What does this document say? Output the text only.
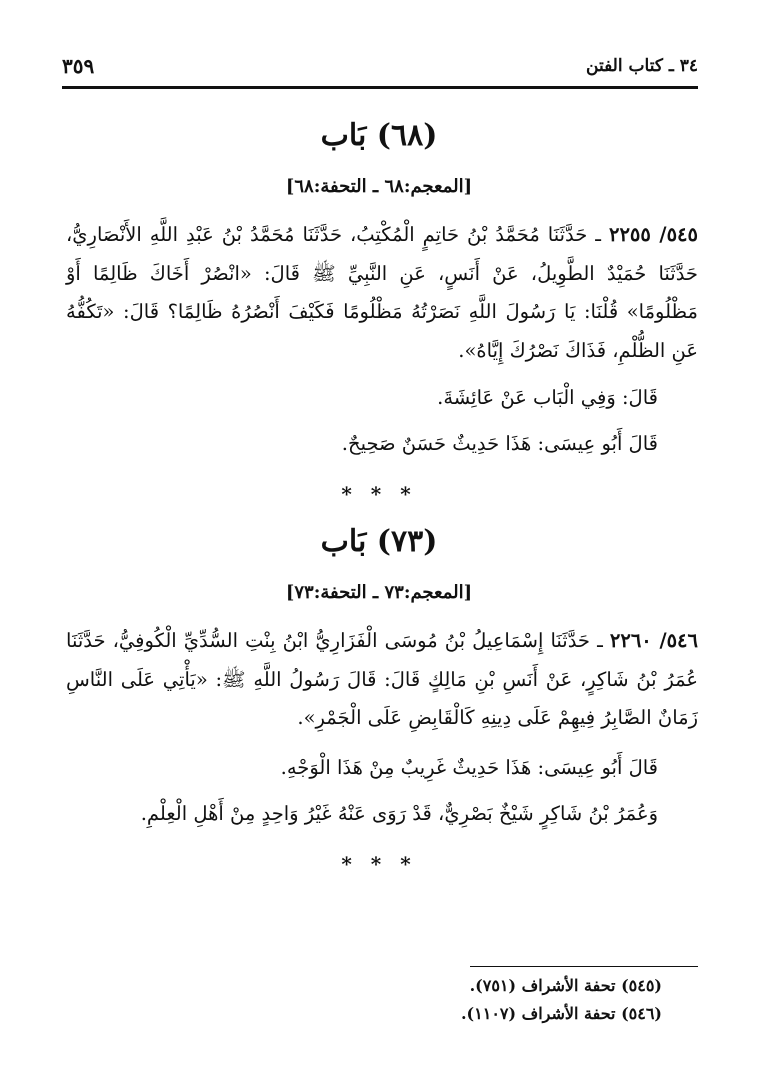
٣٤ ـ كتاب الفتن
٣٥٩
(٦٨) بَاب
[المعجم:٦٨ ـ التحفة:٦٨]
٥٤٥/ ٢٢٥٥ ـ حَدَّثَنَا مُحَمَّدُ بْنُ حَاتِمٍ الْمُكْتِبُ، حَدَّثَنَا مُحَمَّدُ بْنُ عَبْدِ اللَّهِ الأَنْصَارِيُّ، حَدَّثَنَا حُمَيْدٌ الطَّوِيلُ، عَنْ أَنَسٍ، عَنِ النَّبِيِّ ﷺ قَالَ: «انْصُرْ أَخَاكَ ظَالِمًا أَوْ مَظْلُومًا» قُلْنَا: يَا رَسُولَ اللَّهِ نَصَرْتُهُ مَظْلُومًا فَكَيْفَ أَنْصُرُهُ ظَالِمًا؟ قَالَ: «تَكُفُّهُ عَنِ الظُّلْمِ، فَذَاكَ نَصْرُكَ إِيَّاهُ».
قَالَ: وَفِي الْبَاب عَنْ عَائِشَةَ.
قَالَ أَبُو عِيسَى: هَذَا حَدِيثٌ حَسَنٌ صَحِيحٌ.
* * *
(٧٣) بَاب
[المعجم:٧٣ ـ التحفة:٧٣]
٥٤٦/ ٢٢٦٠ ـ حَدَّثَنَا إِسْمَاعِيلُ بْنُ مُوسَى الْفَزَارِيُّ ابْنُ بِنْتِ السُّدِّيِّ الْكُوفِيُّ، حَدَّثَنَا عُمَرُ بْنُ شَاكِرٍ، عَنْ أَنَسِ بْنِ مَالِكٍ قَالَ: قَالَ رَسُولُ اللَّهِ ﷺ: «يَأْتِي عَلَى النَّاسِ زَمَانٌ الصَّابِرُ فِيهِمْ عَلَى دِينِهِ كَالْقَابِضِ عَلَى الْجَمْرِ».
قَالَ أَبُو عِيسَى: هَذَا حَدِيثٌ غَرِيبٌ مِنْ هَذَا الْوَجْهِ.
وَعُمَرُ بْنُ شَاكِرٍ شَيْخٌ بَصْرِيٌّ، قَدْ رَوَى عَنْهُ غَيْرُ وَاحِدٍ مِنْ أَهْلِ الْعِلْمِ.
* * *
(٥٤٥) تحفة الأشراف (٧٥١).
(٥٤٦) تحفة الأشراف (١١٠٧).
